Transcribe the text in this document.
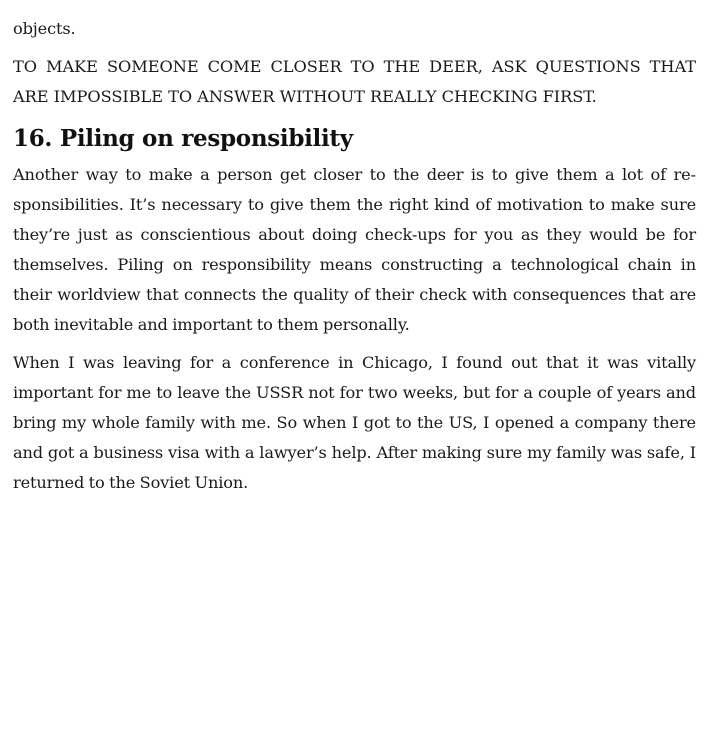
objects.

TO MAKE SOMEONE COME CLOSER TO THE DEER, ASK QUESTIONS THAT ARE IMPOSSIBLE TO ANSWER WITHOUT REALLY CHECKING FIRST.

16. Piling on responsibility

Another way to make a person get closer to the deer is to give them a lot of responsibilities. It’s necessary to give them the right kind of motivation to make sure they’re just as conscientious about doing check-ups for you as they would be for themselves. Piling on responsibility means constructing a technological chain in their worldview that connects the quality of their check with consequences that are both inevitable and important to them personally.

When I was leaving for a conference in Chicago, I found out that it was vitally important for me to leave the USSR not for two weeks, but for a couple of years and bring my whole family with me. So when I got to the US, I opened a company there and got a business visa with a lawyer’s help. After making sure my family was safe, I returned to the Soviet Union.
